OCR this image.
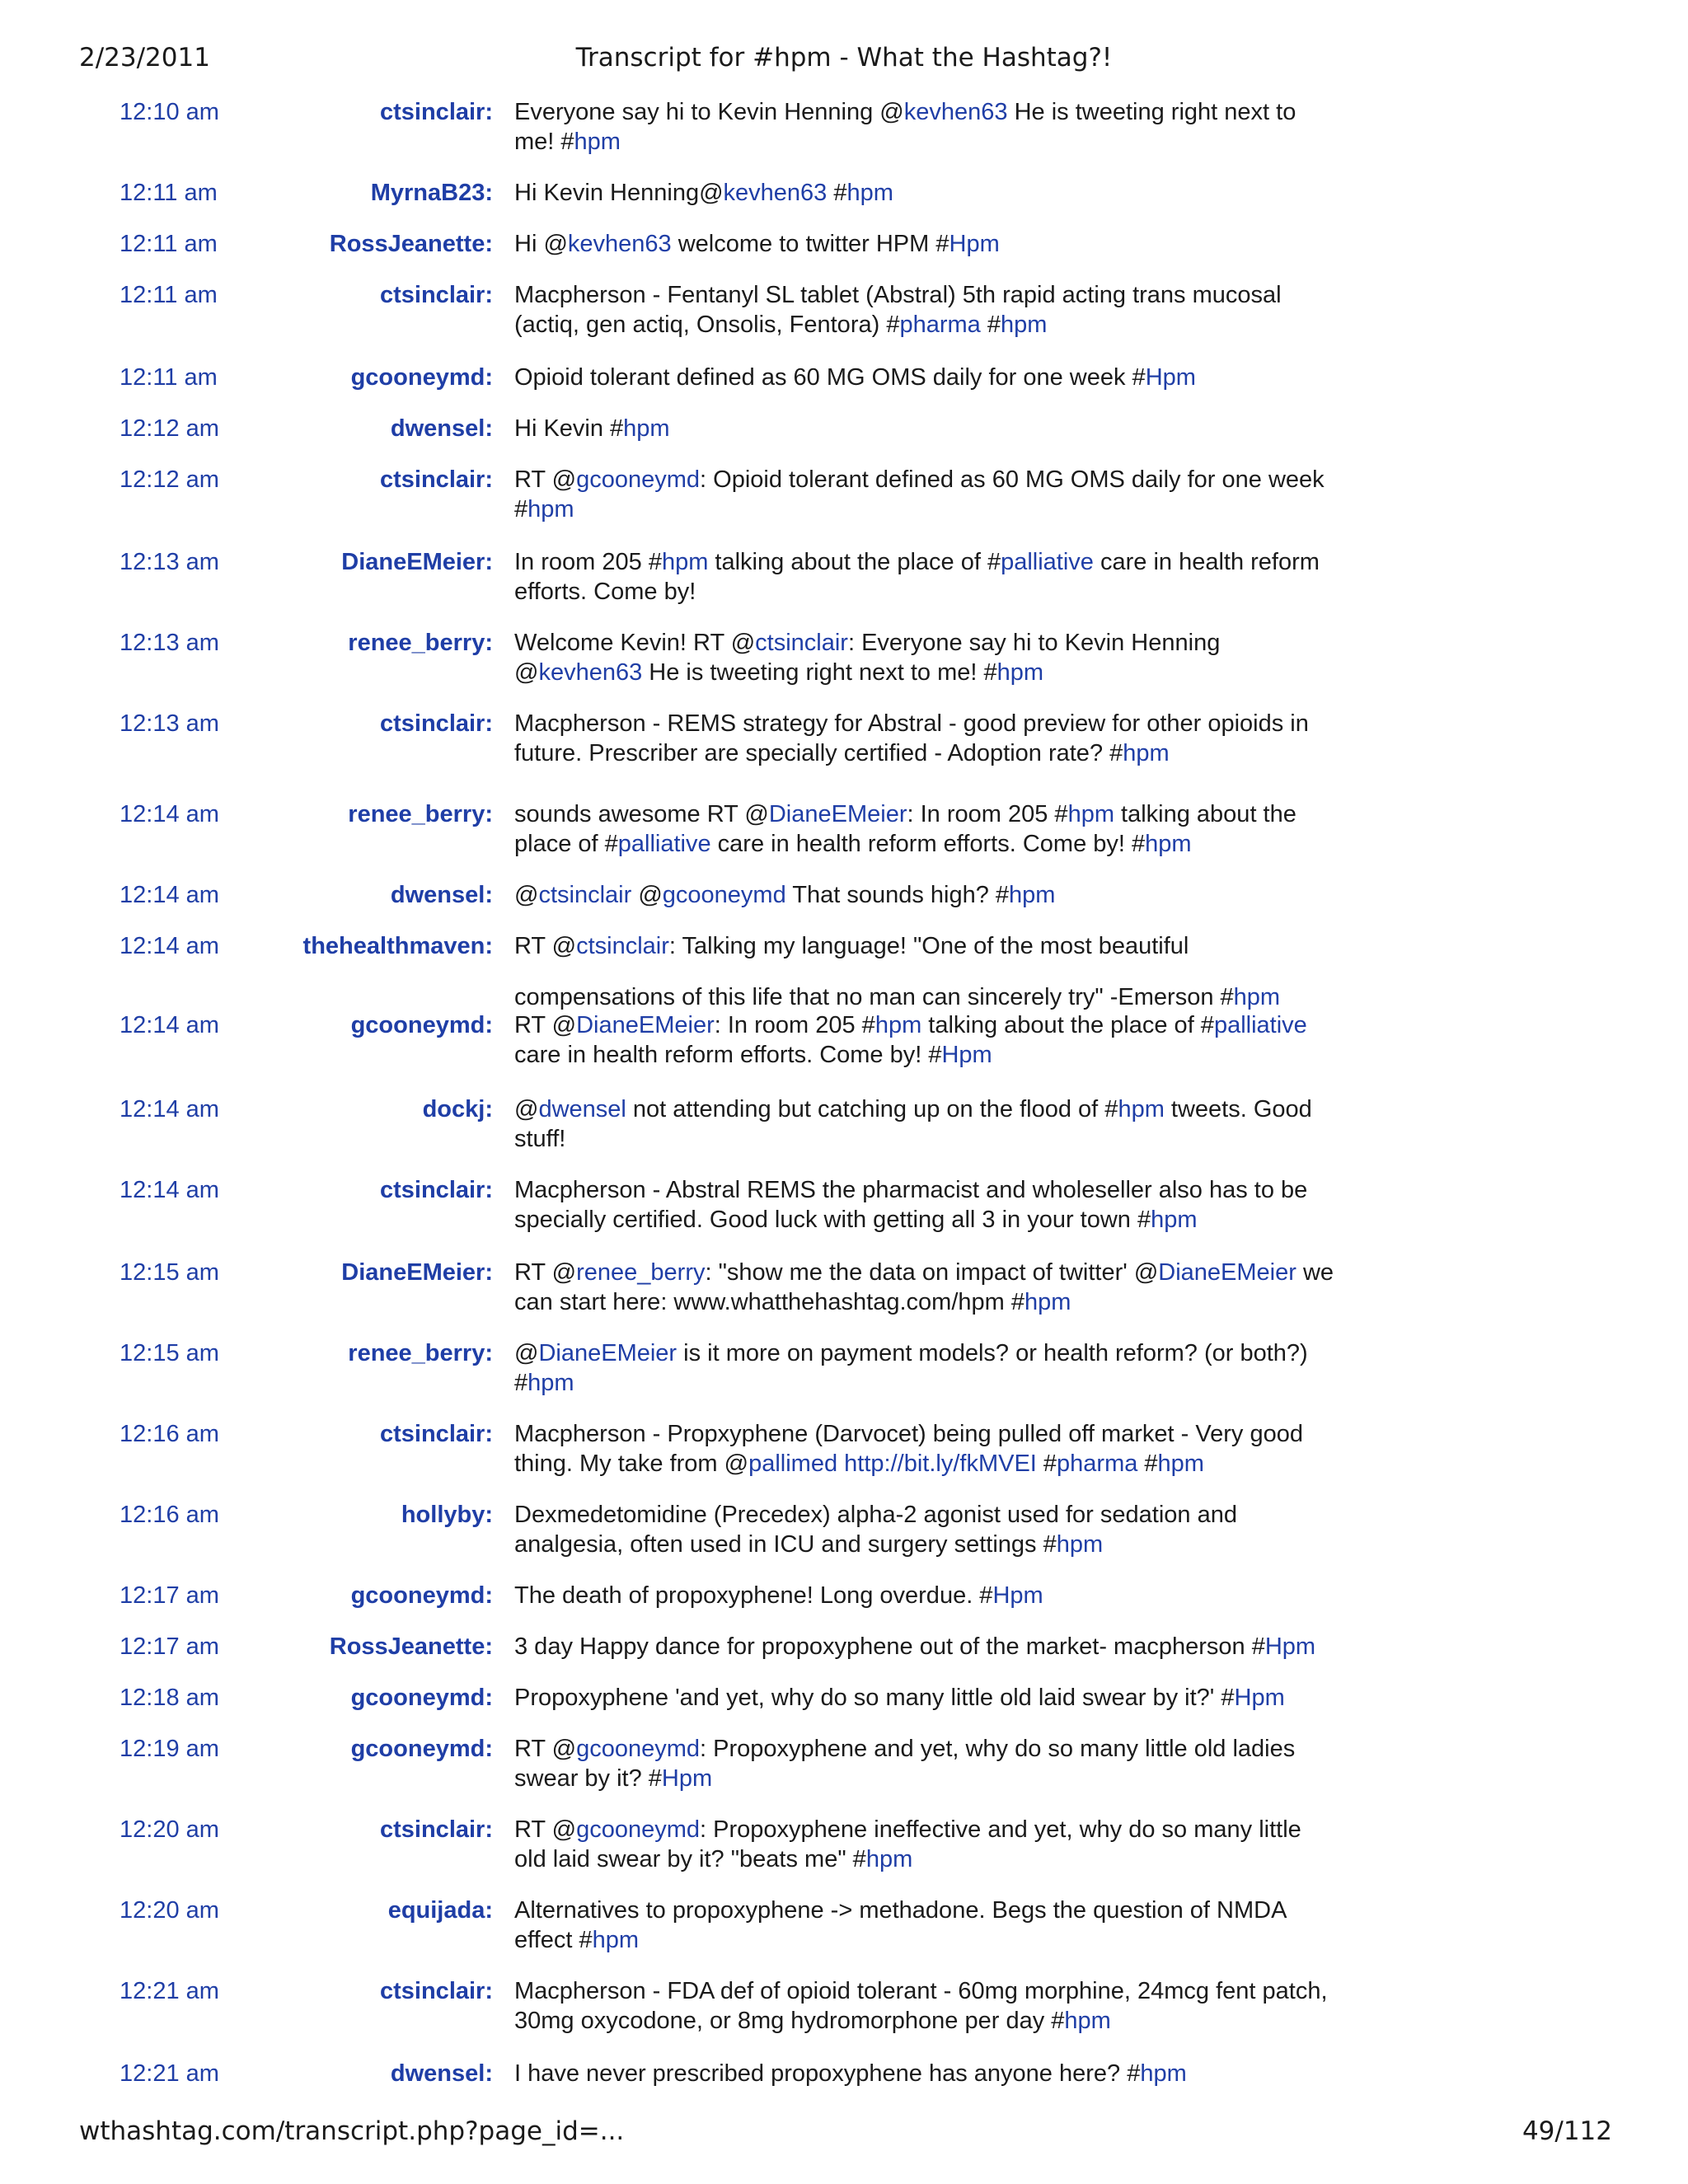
2/23/2011	Transcript for #hpm - What the Hashtag?!
12:10 am	ctsinclair: Everyone say hi to Kevin Henning @kevhen63 He is tweeting right next to me! #hpm
12:11 am	MyrnaB23: Hi Kevin Henning@kevhen63 #hpm
12:11 am	RossJeanette: Hi @kevhen63 welcome to twitter HPM #Hpm
12:11 am	ctsinclair: Macpherson - Fentanyl SL tablet (Abstral) 5th rapid acting trans mucosal (actiq, gen actiq, Onsolis, Fentora) #pharma #hpm
12:11 am	gcooneymd: Opioid tolerant defined as 60 MG OMS daily for one week #Hpm
12:12 am	dwensel: Hi Kevin #hpm
12:12 am	ctsinclair: RT @gcooneymd: Opioid tolerant defined as 60 MG OMS daily for one week #hpm
12:13 am	DianeEMeier: In room 205 #hpm talking about the place of #palliative care in health reform efforts. Come by!
12:13 am	renee_berry: Welcome Kevin! RT @ctsinclair: Everyone say hi to Kevin Henning @kevhen63 He is tweeting right next to me! #hpm
12:13 am	ctsinclair: Macpherson - REMS strategy for Abstral - good preview for other opioids in future. Prescriber are specially certified - Adoption rate? #hpm
12:14 am	renee_berry: sounds awesome RT @DianeEMeier: In room 205 #hpm talking about the place of #palliative care in health reform efforts. Come by! #hpm
12:14 am	dwensel: @ctsinclair @gcooneymd That sounds high? #hpm
12:14 am	thehealthmaven: RT @ctsinclair: Talking my language! "One of the most beautiful
compensations of this life that no man can sincerely try" -Emerson #hpm
12:14 am	gcooneymd: RT @DianeEMeier: In room 205 #hpm talking about the place of #palliative care in health reform efforts. Come by! #Hpm
12:14 am	dockj: @dwensel not attending but catching up on the flood of #hpm tweets. Good stuff!
12:14 am	ctsinclair: Macpherson - Abstral REMS the pharmacist and wholeseller also has to be specially certified. Good luck with getting all 3 in your town #hpm
12:15 am	DianeEMeier: RT @renee_berry: "show me the data on impact of twitter' @DianeEMeier we can start here: www.whatthehashtag.com/hpm #hpm
12:15 am	renee_berry: @DianeEMeier is it more on payment models? or health reform? (or both?) #hpm
12:16 am	ctsinclair: Macpherson - Propxyphene (Darvocet) being pulled off market - Very good thing. My take from @pallimed http://bit.ly/fkMVEI #pharma #hpm
12:16 am	hollyby: Dexmedetomidine (Precedex) alpha-2 agonist used for sedation and analgesia, often used in ICU and surgery settings #hpm
12:17 am	gcooneymd: The death of propoxyphene! Long overdue. #Hpm
12:17 am	RossJeanette: 3 day Happy dance for propoxyphene out of the market- macpherson #Hpm
12:18 am	gcooneymd: Propoxyphene 'and yet, why do so many little old laid swear by it?' #Hpm
12:19 am	gcooneymd: RT @gcooneymd: Propoxyphene and yet, why do so many little old ladies swear by it? #Hpm
12:20 am	ctsinclair: RT @gcooneymd: Propoxyphene ineffective and yet, why do so many little old laid swear by it? "beats me" #hpm
12:20 am	equijada: Alternatives to propoxyphene -> methadone. Begs the question of NMDA effect #hpm
12:21 am	ctsinclair: Macpherson - FDA def of opioid tolerant - 60mg morphine, 24mcg fent patch, 30mg oxycodone, or 8mg hydromorphone per day #hpm
12:21 am	dwensel: I have never prescribed propoxyphene has anyone here? #hpm
wthashtag.com/transcript.php?page_id=...	49/112
